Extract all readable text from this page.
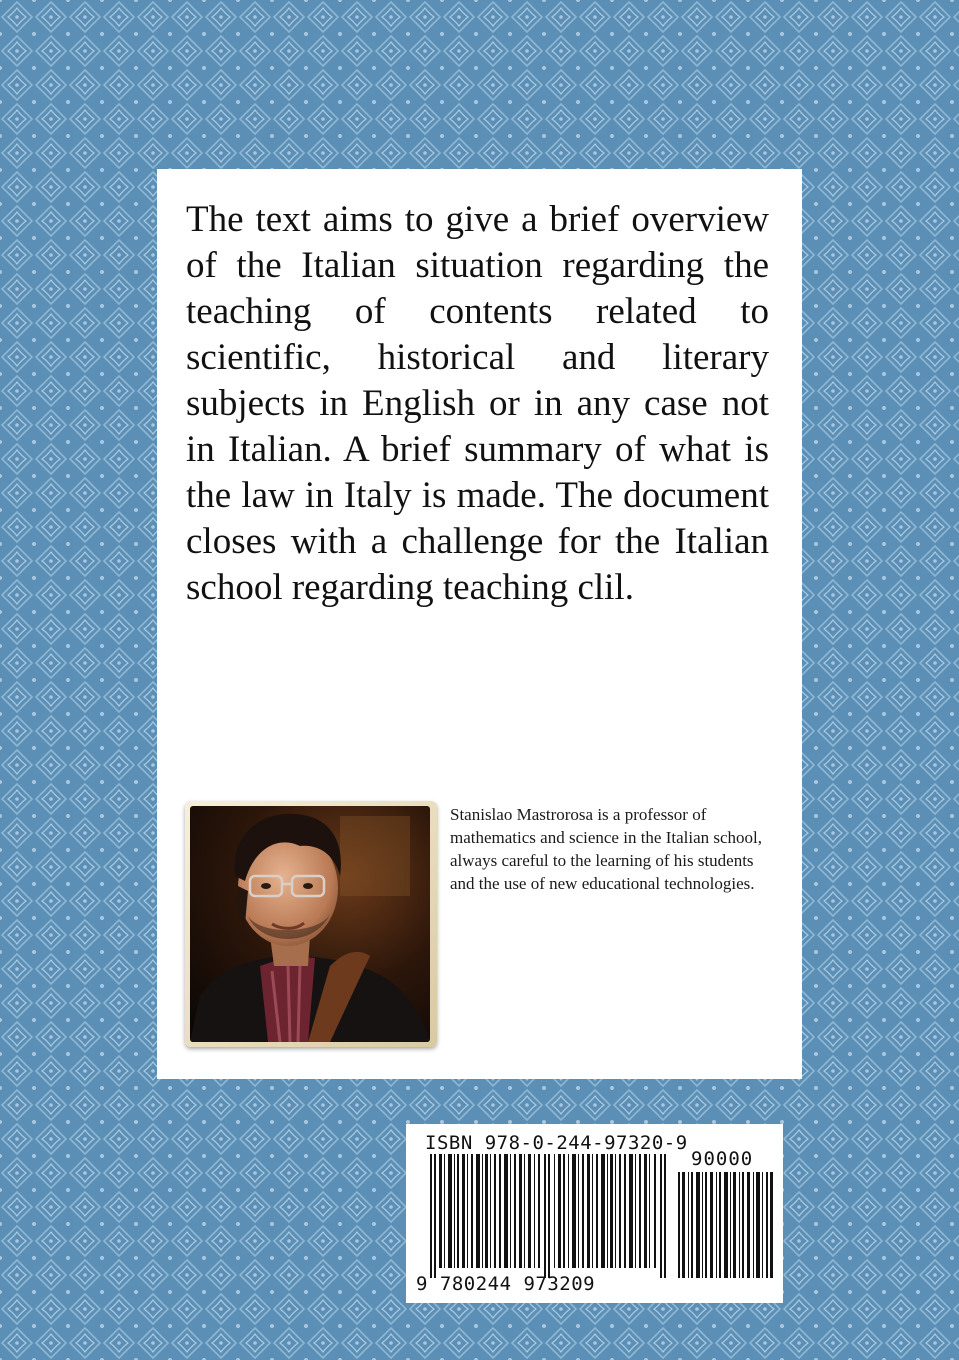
The text aims to give a brief overview of the Italian situation regarding the teaching of contents related to scientific, historical and literary subjects in English or in any case not in Italian. A brief summary of what is the law in Italy is made. The document closes with a challenge for the Italian school regarding teaching clil.

Stanislao Mastrorosa is a professor of mathematics and science in the Italian school, always careful to the learning of his students and the use of new educational technologies.

ISBN 978-0-244-97320-9
90000
9 780244 973209
